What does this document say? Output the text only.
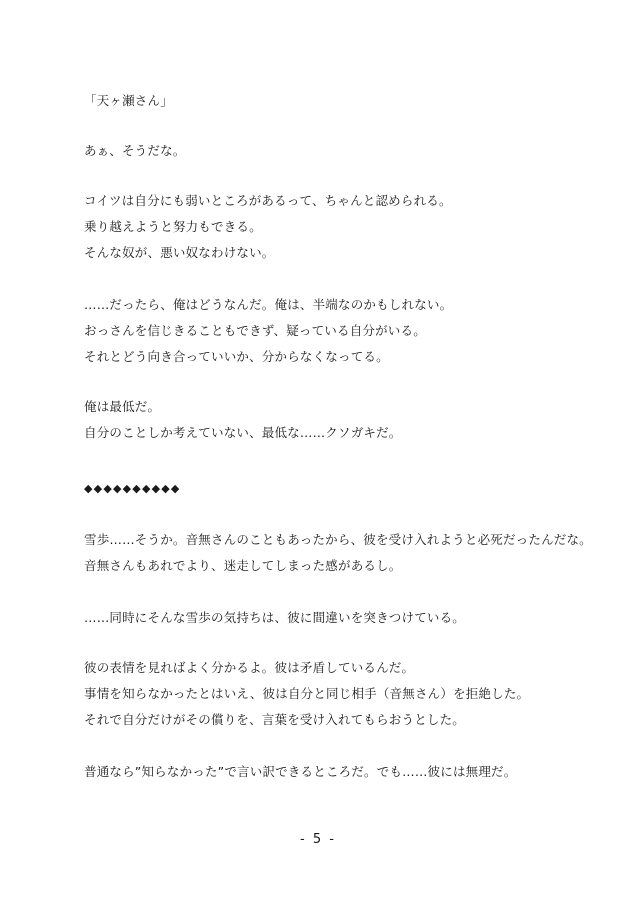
「天ヶ瀬さん」
あぁ、そうだな。
コイツは自分にも弱いところがあるって、ちゃんと認められる。
乗り越えようと努力もできる。
そんな奴が、悪い奴なわけない。
……だったら、俺はどうなんだ。俺は、半端なのかもしれない。
おっさんを信じきることもできず、疑っている自分がいる。
それとどう向き合っていいか、分からなくなってる。
俺は最低だ。
自分のことしか考えていない、最低な……クソガキだ。
◆◆◆◆◆◆◆◆◆◆
雪歩……そうか。音無さんのこともあったから、彼を受け入れようと必死だったんだな。
音無さんもあれでより、迷走してしまった感があるし。
……同時にそんな雪歩の気持ちは、彼に間違いを突きつけている。
彼の表情を見ればよく分かるよ。彼は矛盾しているんだ。
事情を知らなかったとはいえ、彼は自分と同じ相手（音無さん）を拒絶した。
それで自分だけがその償りを、言葉を受け入れてもらおうとした。
普通なら”知らなかった”で言い訳できるところだ。でも……彼には無理だ。
- 5 -
